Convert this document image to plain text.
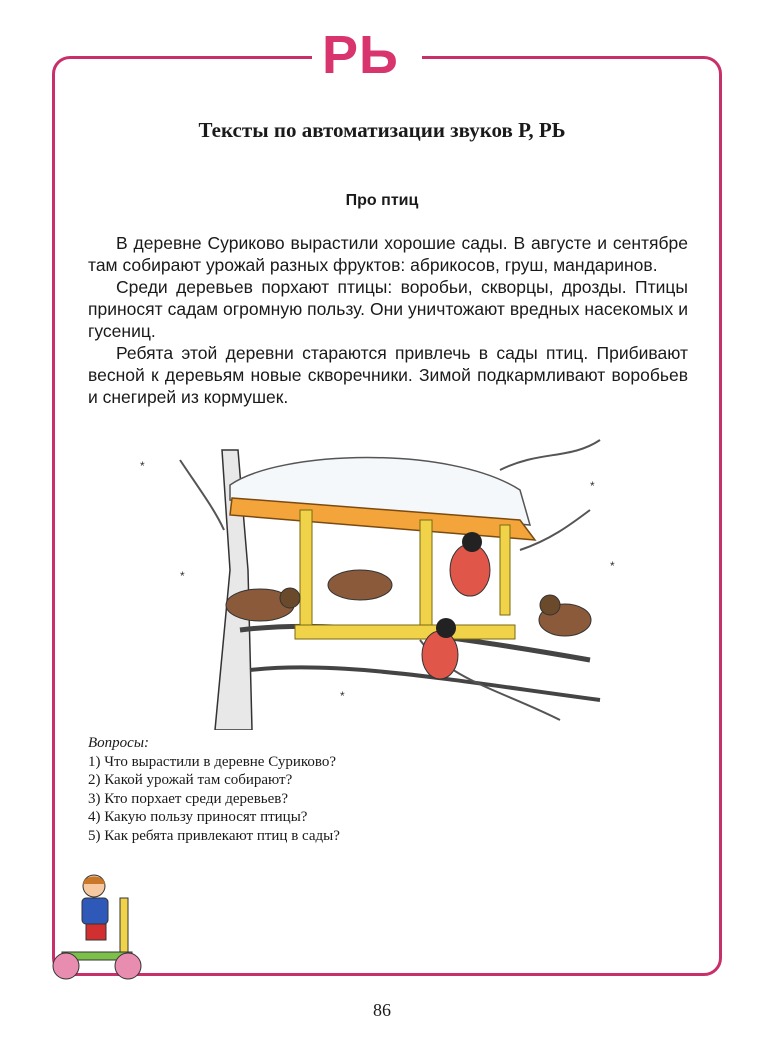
РЬ
Тексты по автоматизации звуков Р, РЬ
Про птиц

В деревне Суриково вырастили хорошие сады. В августе и сентябре там собирают урожай разных фруктов: абрикосов, груш, мандаринов.

Среди деревьев порхают птицы: воробьи, скворцы, дрозды. Птицы приносят садам огромную пользу. Они уничтожают вредных насекомых и гусениц.

Ребята этой деревни стараются привлечь в сады птиц. Прибивают весной к деревьям новые скворечники. Зимой подкармливают воробьев и снегирей из кормушек.

*
*
*
*
*
Вопросы:
1) Что вырастили в деревне Суриково?
2) Какой урожай там собирают?
3) Кто порхает среди деревьев?
4) Какую пользу приносят птицы?
5) Как ребята привлекают птиц в сады?
86
